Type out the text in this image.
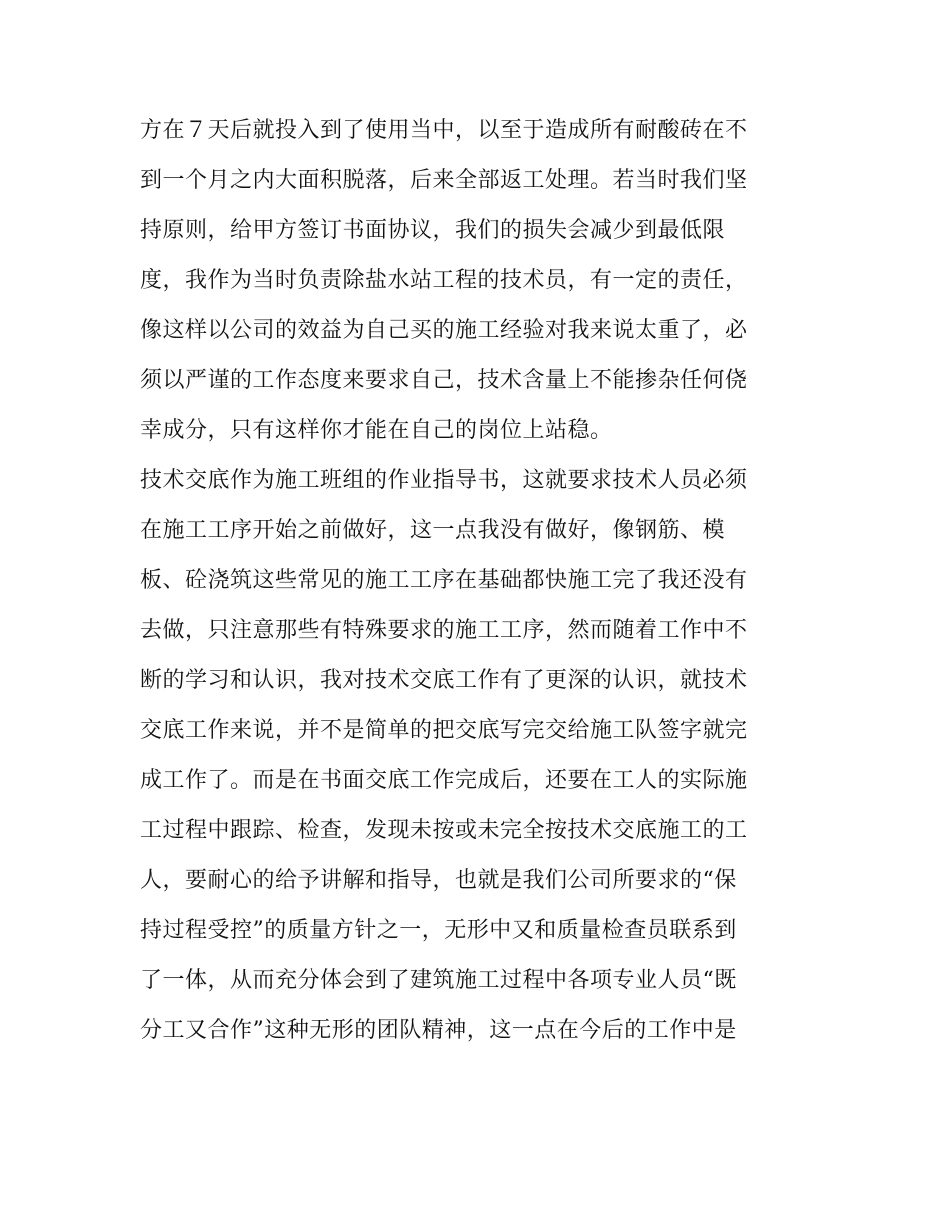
方在７天后就投入到了使用当中，以至于造成所有耐酸砖在不
到一个月之内大面积脱落，后来全部返工处理。若当时我们坚
持原则，给甲方签订书面协议，我们的损失会减少到最低限
度，我作为当时负责除盐水站工程的技术员，有一定的责任，
像这样以公司的效益为自己买的施工经验对我来说太重了，必
须以严谨的工作态度来要求自己，技术含量上不能掺杂任何侥
幸成分，只有这样你才能在自己的岗位上站稳。
技术交底作为施工班组的作业指导书，这就要求技术人员必须
在施工工序开始之前做好，这一点我没有做好，像钢筋、模
板、砼浇筑这些常见的施工工序在基础都快施工完了我还没有
去做，只注意那些有特殊要求的施工工序，然而随着工作中不
断的学习和认识，我对技术交底工作有了更深的认识，就技术
交底工作来说，并不是简单的把交底写完交给施工队签字就完
成工作了。而是在书面交底工作完成后，还要在工人的实际施
工过程中跟踪、检查，发现未按或未完全按技术交底施工的工
人，要耐心的给予讲解和指导，也就是我们公司所要求的“保
持过程受控”的质量方针之一，无形中又和质量检查员联系到
了一体，从而充分体会到了建筑施工过程中各项专业人员“既
分工又合作”这种无形的团队精神，这一点在今后的工作中是
